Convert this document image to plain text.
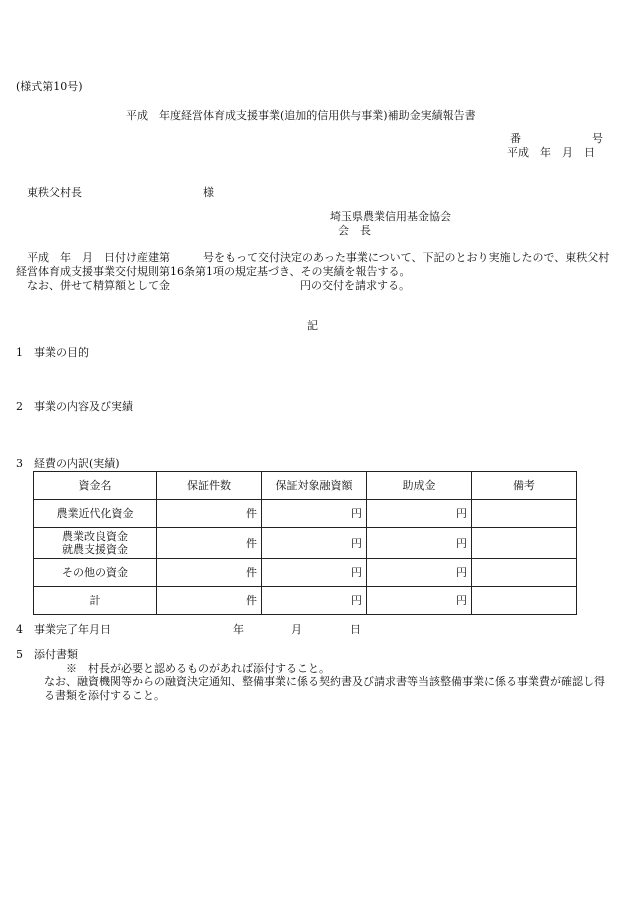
(様式第10号)
平成　年度経営体育成支援事業(追加的信用供与事業)補助金実績報告書
番	号
平成　年　月　日
東秩父村長	様
埼玉県農業信用基金協会
会　長
平成　年　月　日付け産建第　　　号をもって交付決定のあった事業について、下記のとおり実施したので、東秩父村経営体育成支援事業交付規則第16条第1項の規定基づき、その実績を報告する。
なお、併せて精算額として金	円の交付を請求する。
記
1　事業の目的
2　事業の内容及び実績
3　経費の内訳(実績)
資金名	保証件数	保証対象融資額	助成金	備考
農業近代化資金	件	円	円	

農業改良資金
就農支援資金	件	円	円	
その他の資金	件	円	円	
計	件	円	円	
4　事業完了年月日	年	月	日
5　添付書類
※　村長が必要と認めるものがあれば添付すること。
なお、融資機関等からの融資決定通知、整備事業に係る契約書及び請求書等当該整備事業に係る事業費が確認し得る書類を添付すること。
